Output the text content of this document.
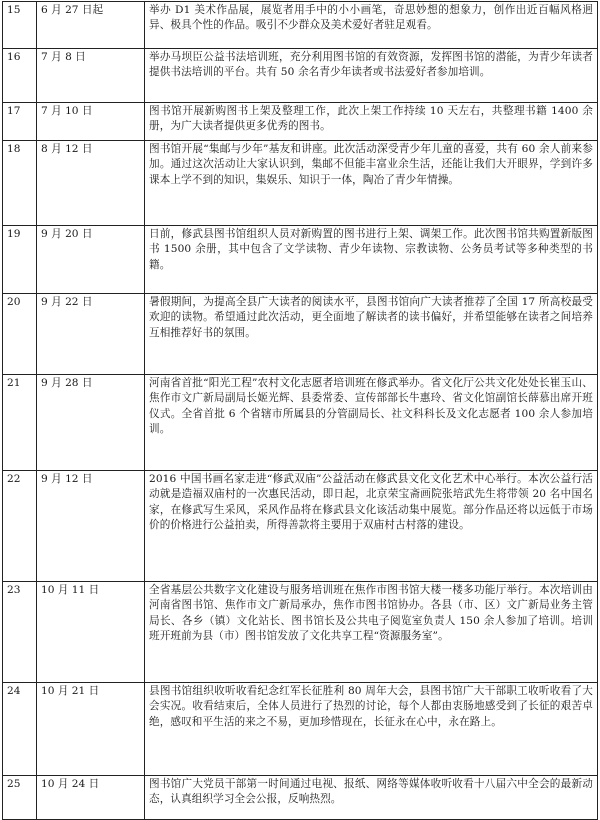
15	6 月 27 日起	举办 D1 美术作品展，展览者用手中的小小画笔，奇思妙想的想象力，创作出近百幅风格迥异、极具个性的作品。吸引不少群众及美术爱好者驻足观看。
16	7 月 8 日	举办马坝臣公益书法培训班，充分利用图书馆的有效资源，发挥图书馆的潜能，为青少年读者提供书法培训的平台。共有 50 余名青少年读者或书法爱好者参加培训。
17	7 月 10 日	图书馆开展新购图书上架及整理工作，此次上架工作持续 10 天左右，共整理书籍 1400 余册，为广大读者提供更多优秀的图书。
18	8 月 12 日	图书馆开展“集邮与少年”基友和讲座。此次活动深受青少年儿童的喜爱，共有 60 余人前来参加。通过这次活动让大家认识到，集邮不但能丰富业余生活，还能让我们大开眼界，学到许多课本上学不到的知识，集娱乐、知识于一体，陶冶了青少年情操。
19	9 月 20 日	日前，修武县图书馆组织人员对新购置的图书进行上架、调架工作。此次图书馆共购置新版图书 1500 余册，其中包含了文学读物、青少年读物、宗教读物、公务员考试等多种类型的书籍。
20	9 月 22 日	暑假期间，为提高全县广大读者的阅读水平，县图书馆向广大读者推荐了全国 17 所高校最受欢迎的读物。希望通过此次活动，更全面地了解读者的读书偏好，并希望能够在读者之间培养互相推荐好书的氛围。
21	9 月 28 日	河南省首批“阳光工程”农村文化志愿者培训班在修武举办。省文化厅公共文化处处长崔玉山、焦作市文广新局副局长姬光辉、县委常委、宣传部部长牛惠玲、省文化馆副馆长薛慕出席开班仪式。全省首批 6 个省辖市所属县的分管副局长、社文科科长及文化志愿者 100 余人参加培训。
22	9 月 12 日	2016 中国书画名家走进“修武双庙”公益活动在修武县文化文化艺术中心举行。本次公益行活动就是造福双庙村的一次惠民活动，即日起，北京荣宝斋画院张培武先生将带领 20 名中国名家，在修武写生采风，采风作品将在修武县文化该活动集中展览。部分作品还将以远低于市场价的价格进行公益拍卖，所得善款将主要用于双庙村古村落的建设。
23	10 月 11 日	全省基层公共数字文化建设与服务培训班在焦作市图书馆大楼一楼多功能厅举行。本次培训由河南省图书馆、焦作市文广新局承办，焦作市图书馆协办。各县（市、区）文广新局业务主管局长、各乡（镇）文化站长、图书馆长及公共电子阅览室负责人 150 余人参加了培训。培训班开班前为县（市）图书馆发放了文化共享工程“资源服务室”。
24	10 月 21 日	县图书馆组织收听收看纪念红军长征胜利 80 周年大会，县图书馆广大干部职工收听收看了大会实况。收看结束后，全体人员进行了热烈的讨论，每个人都由衷肠地感受到了长征的艰苦卓绝，感叹和平生活的来之不易，更加珍惜现在，长征永在心中，永在路上。
25	10 月 24 日	图书馆广大党员干部第一时间通过电视、报纸、网络等媒体收听收看十八届六中全会的最新动态，认真组织学习全会公报，反响热烈。
